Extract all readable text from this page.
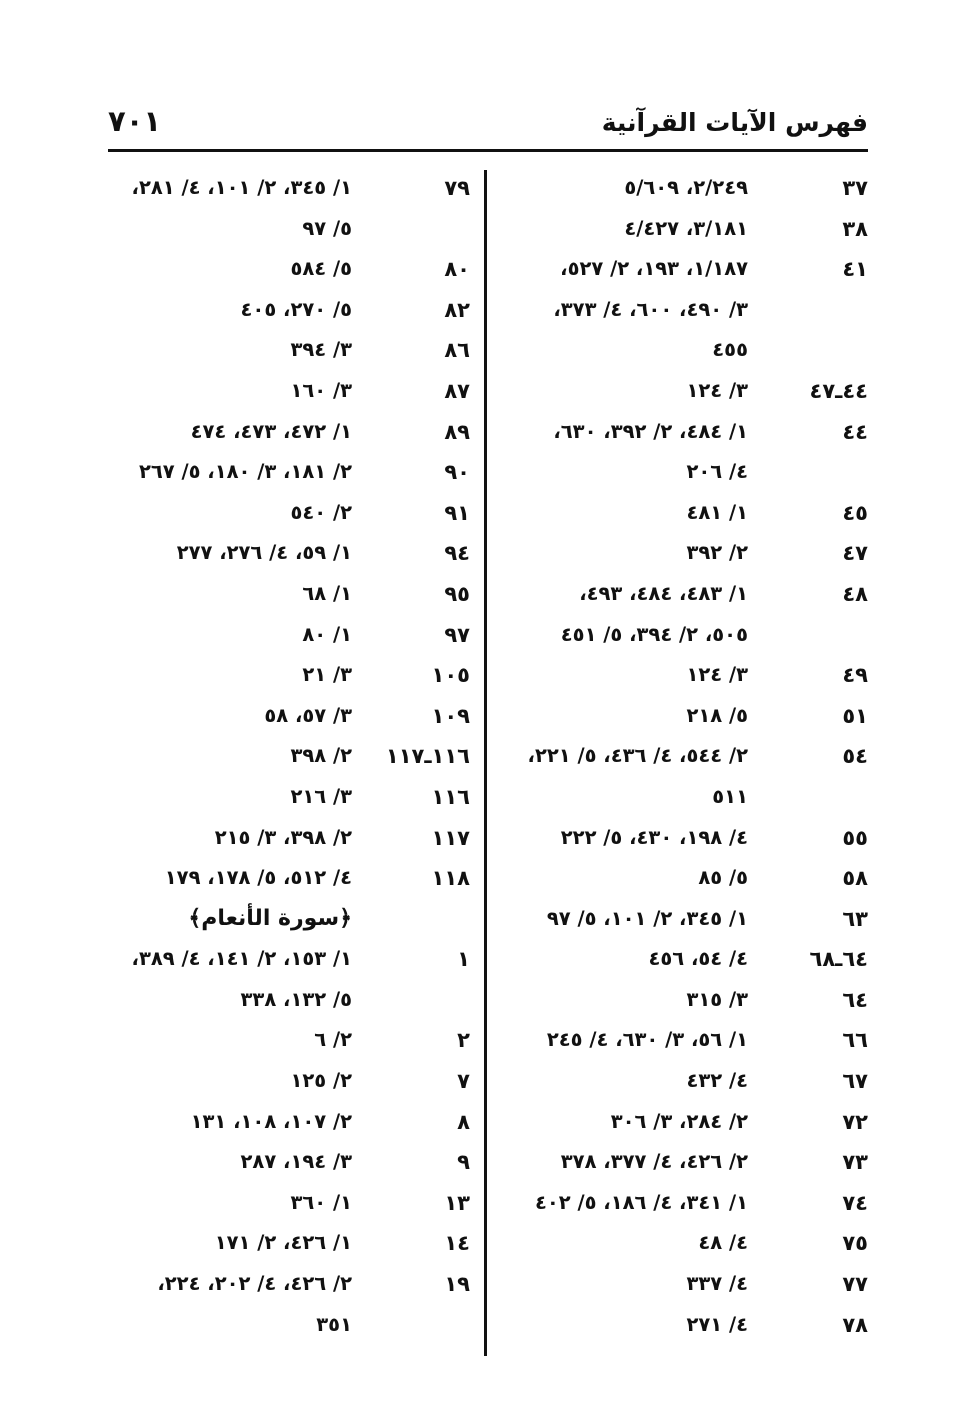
فهرس الآيات القرآنية
٧٠١
٣٧
٢/٢٤٩، ٥/٦٠٩
٣٨
٣/١٨١، ٤/٤٢٧
٤١
١/١٨٧، ١٩٣، ٢/ ٥٢٧،
٣/ ٤٩٠، ٦٠٠، ٤/ ٣٧٣،
٤٥٥
٤٤ـ٤٧
٣/ ١٢٤
٤٤
١/ ٤٨٤، ٢/ ٣٩٢، ٦٣٠،
٤/ ٢٠٦
٤٥
١/ ٤٨١
٤٧
٢/ ٣٩٢
٤٨
١/ ٤٨٣، ٤٨٤، ٤٩٣،
٥٠٥، ٢/ ٣٩٤، ٥/ ٤٥١
٤٩
٣/ ١٢٤
٥١
٥/ ٢١٨
٥٤
٢/ ٥٤٤، ٤/ ٤٣٦، ٥/ ٢٢١،
٥١١
٥٥
٤/ ١٩٨، ٤٣٠، ٥/ ٢٢٢
٥٨
٥/ ٨٥
٦٣
١/ ٣٤٥، ٢/ ١٠١، ٥/ ٩٧
٦٤ـ٦٨
٤/ ٥٤، ٤٥٦
٦٤
٣/ ٣١٥
٦٦
١/ ٥٦، ٣/ ٦٣٠، ٤/ ٢٤٥
٦٧
٤/ ٤٣٢
٧٢
٢/ ٢٨٤، ٣/ ٣٠٦
٧٣
٢/ ٤٢٦، ٤/ ٣٧٧، ٣٧٨
٧٤
١/ ٣٤١، ٤/ ١٨٦، ٥/ ٤٠٢
٧٥
٤/ ٤٨
٧٧
٤/ ٣٣٧
٧٨
٤/ ٢٧١
٧٩
١/ ٣٤٥، ٢/ ١٠١، ٤/ ٢٨١،
٥/ ٩٧
٨٠
٥/ ٥٨٤
٨٢
٥/ ٢٧٠، ٤٠٥
٨٦
٣/ ٣٩٤
٨٧
٣/ ١٦٠
٨٩
١/ ٤٧٢، ٤٧٣، ٤٧٤
٩٠
٢/ ١٨١، ٣/ ١٨٠، ٥/ ٢٦٧
٩١
٢/ ٥٤٠
٩٤
١/ ٥٩، ٤/ ٢٧٦، ٢٧٧
٩٥
١/ ٦٨
٩٧
١/ ٨٠
١٠٥
٣/ ٢١
١٠٩
٣/ ٥٧، ٥٨
١١٦ـ١١٧
٢/ ٣٩٨
١١٦
٣/ ٢١٦
١١٧
٢/ ٣٩٨، ٣/ ٢١٥
١١٨
٤/ ٥١٢، ٥/ ١٧٨، ١٧٩
﴿سورة الأنعام﴾
١
١/ ١٥٣، ٢/ ١٤١، ٤/ ٣٨٩،
٥/ ١٣٢، ٣٣٨
٢
٢/ ٦
٧
٢/ ١٢٥
٨
٢/ ١٠٧، ١٠٨، ١٣١
٩
٣/ ١٩٤، ٢٨٧
١٣
١/ ٣٦٠
١٤
١/ ٤٢٦، ٢/ ١٧١
١٩
٢/ ٤٢٦، ٤/ ٢٠٢، ٢٢٤،
٣٥١
